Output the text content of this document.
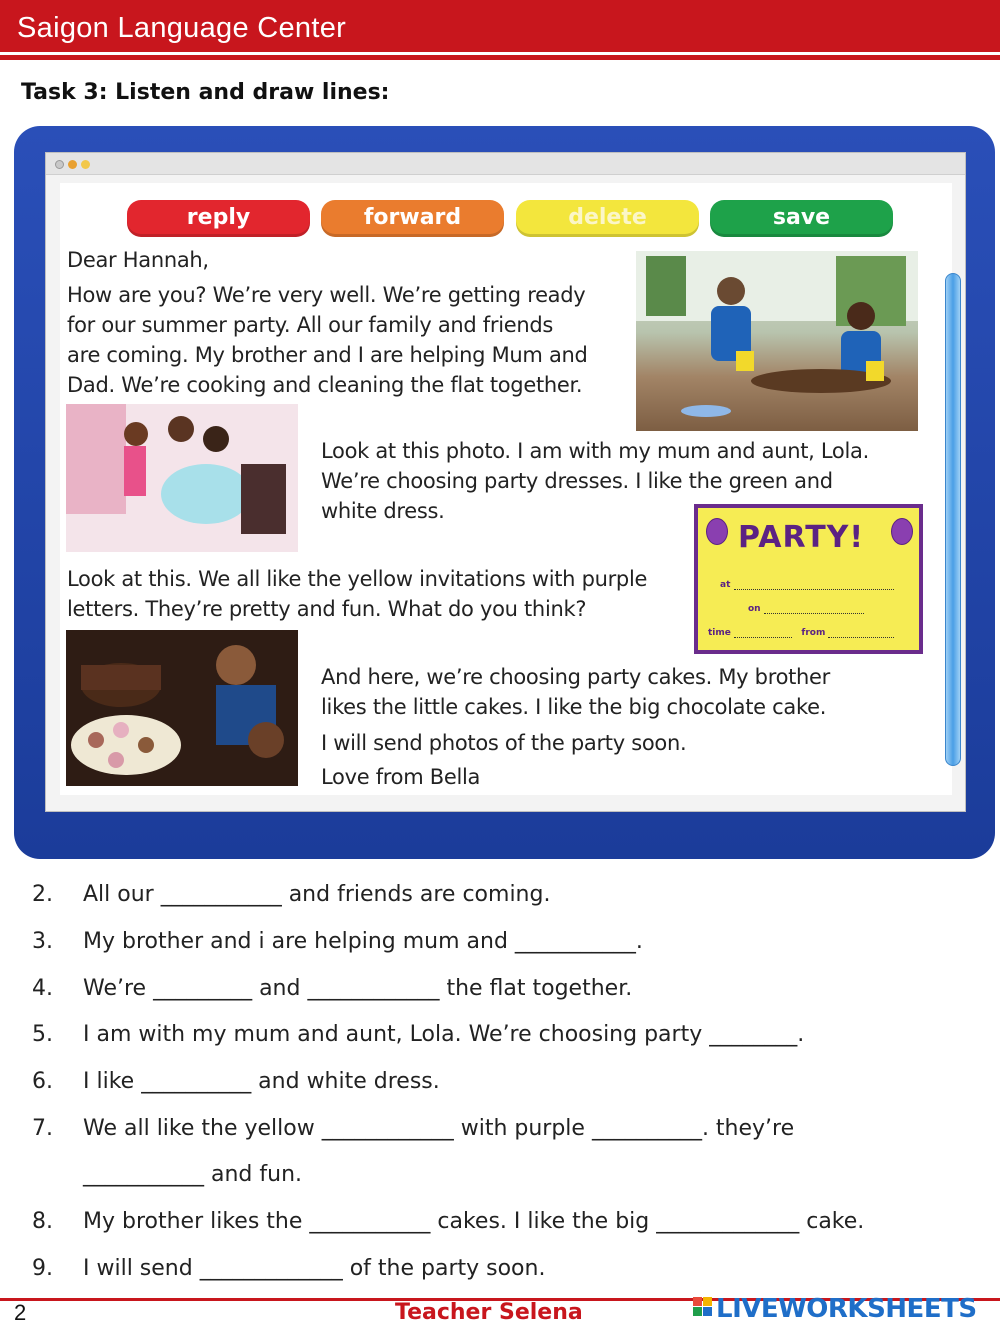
Saigon Language Center
Task 3: Listen and draw lines:
reply	forward	delete	save
Dear Hannah,
How are you? We’re very well. We’re getting ready
for our summer party. All our family and friends
are coming. My brother and I are helping Mum and
Dad. We’re cooking and cleaning the flat together.
Look at this photo. I am with my mum and aunt, Lola.
We’re choosing party dresses. I like the green and
white dress.
PARTY!
at
on
time	from
Look at this. We all like the yellow invitations with purple
letters. They’re pretty and fun. What do you think?
And here, we’re choosing party cakes. My brother
likes the little cakes. I like the big chocolate cake.
I will send photos of the party soon.
Love from Bella
2. All our ___________ and friends are coming.
3. My brother and i are helping mum and ___________.
4. We’re _________ and ____________ the flat together.
5. I am with my mum and aunt, Lola. We’re choosing party ________.
6. I like __________ and white dress.
7. We all like the yellow ____________ with purple __________. they’re
___________ and fun.
8. My brother likes the ___________ cakes. I like the big _____________ cake.
9. I will send _____________ of the party soon.
2	Teacher Selena	LIVEWORKSHEETS
